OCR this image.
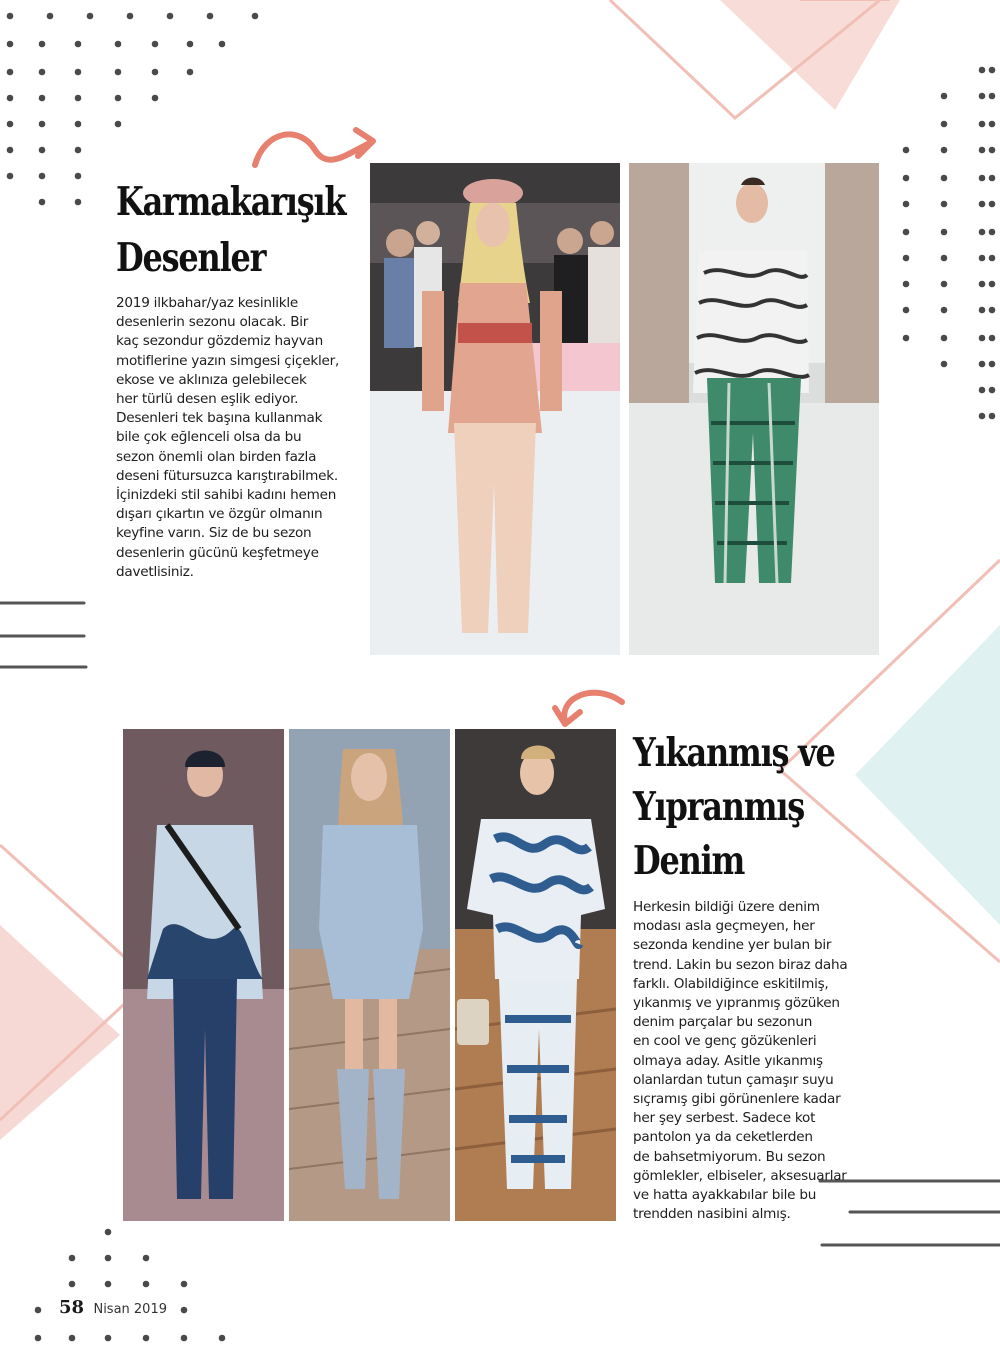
Karmakarışık
Desenler

2019 ilkbahar/yaz kesinlikle
desenlerin sezonu olacak. Bir
kaç sezondur gözdemiz hayvan
motiflerine yazın simgesi çiçekler,
ekose ve aklınıza gelebilecek
her türlü desen eşlik ediyor.
Desenleri tek başına kullanmak
bile çok eğlenceli olsa da bu
sezon önemli olan birden fazla
deseni fütursuzca karıştırabilmek.
İçinizdeki stil sahibi kadını hemen
dışarı çıkartın ve özgür olmanın
keyfine varın. Siz de bu sezon
desenlerin gücünü keşfetmeye
davetlisiniz.

Yıkanmış ve
Yıpranmış
Denim

Herkesin bildiği üzere denim
modası asla geçmeyen, her
sezonda kendine yer bulan bir
trend. Lakin bu sezon biraz daha
farklı. Olabildiğince eskitilmiş,
yıkanmış ve yıpranmış gözüken
denim parçalar bu sezonun
en cool ve genç gözükenleri
olmaya aday. Asitle yıkanmış
olanlardan tutun çamaşır suyu
sıçramış gibi görünenlere kadar
her şey serbest. Sadece kot
pantolon ya da ceketlerden
de bahsetmiyorum. Bu sezon
gömlekler, elbiseler, aksesuarlar
ve hatta ayakkabılar bile bu
trendden nasibini almış.

58 Nisan 2019
